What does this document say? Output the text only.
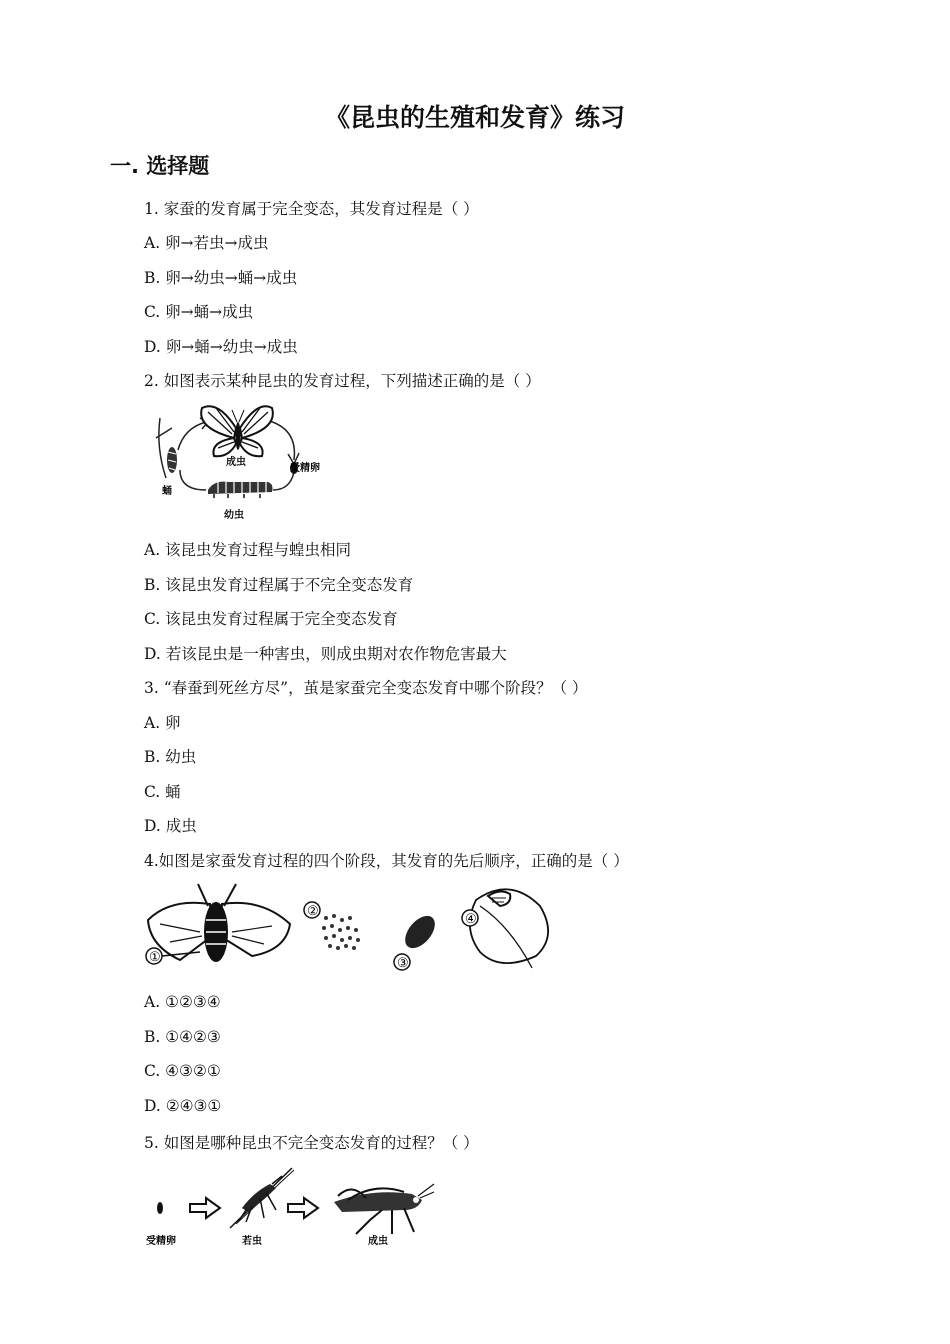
《昆虫的生殖和发育》练习
一. 选择题
1. 家蚕的发育属于完全变态，其发育过程是（ ）
A. 卵→若虫→成虫
B. 卵→幼虫→蛹→成虫
C. 卵→蛹→成虫
D. 卵→蛹→幼虫→成虫
2. 如图表示某种昆虫的发育过程，下列描述正确的是（ ）
成虫
受精卵
蛹
幼虫
A. 该昆虫发育过程与蝗虫相同
B. 该昆虫发育过程属于不完全变态发育
C. 该昆虫发育过程属于完全变态发育
D. 若该昆虫是一种害虫，则成虫期对农作物危害最大
3. “春蚕到死丝方尽”，茧是家蚕完全变态发育中哪个阶段？（ ）
A. 卵
B. 幼虫
C. 蛹
D. 成虫
4.如图是家蚕发育过程的四个阶段，其发育的先后顺序，正确的是（ ）
①
②
③
④
A. ①②③④
B. ①④②③
C. ④③②①
D. ②④③①
5. 如图是哪种昆虫不完全变态发育的过程？（ ）
受精卵	若虫	成虫
